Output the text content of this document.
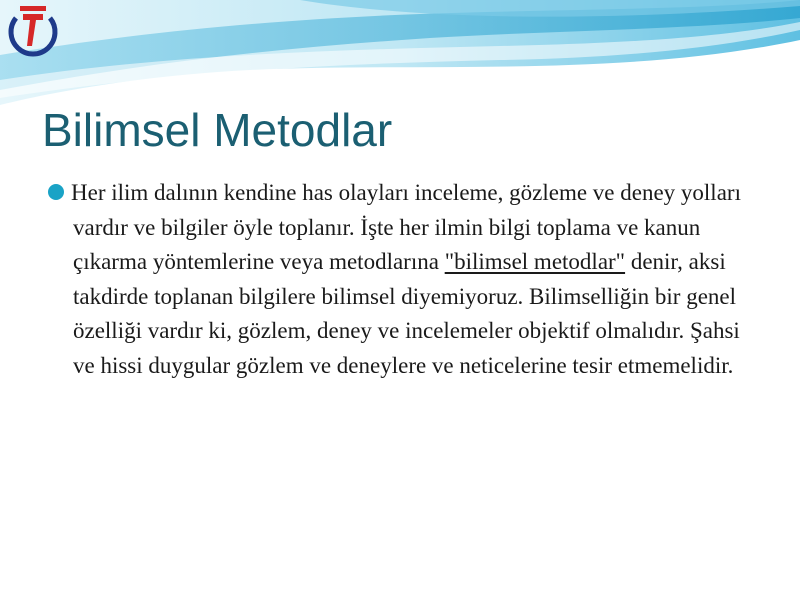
Bilimsel Metodlar

Her ilim dalının kendine has olayları inceleme, gözleme ve deney yolları vardır ve bilgiler öyle toplanır. İşte her ilmin bilgi toplama ve kanun çıkarma yöntemlerine veya metodlarına "bilimsel metodlar" denir, aksi takdirde toplanan bilgilere bilimsel diyemiyoruz. Bilimselliğin bir genel özelliği vardır ki, gözlem, deney ve incelemeler objektif olmalıdır. Şahsi ve hissi duygular gözlem ve deneylere ve neticelerine tesir etmemelidir.
